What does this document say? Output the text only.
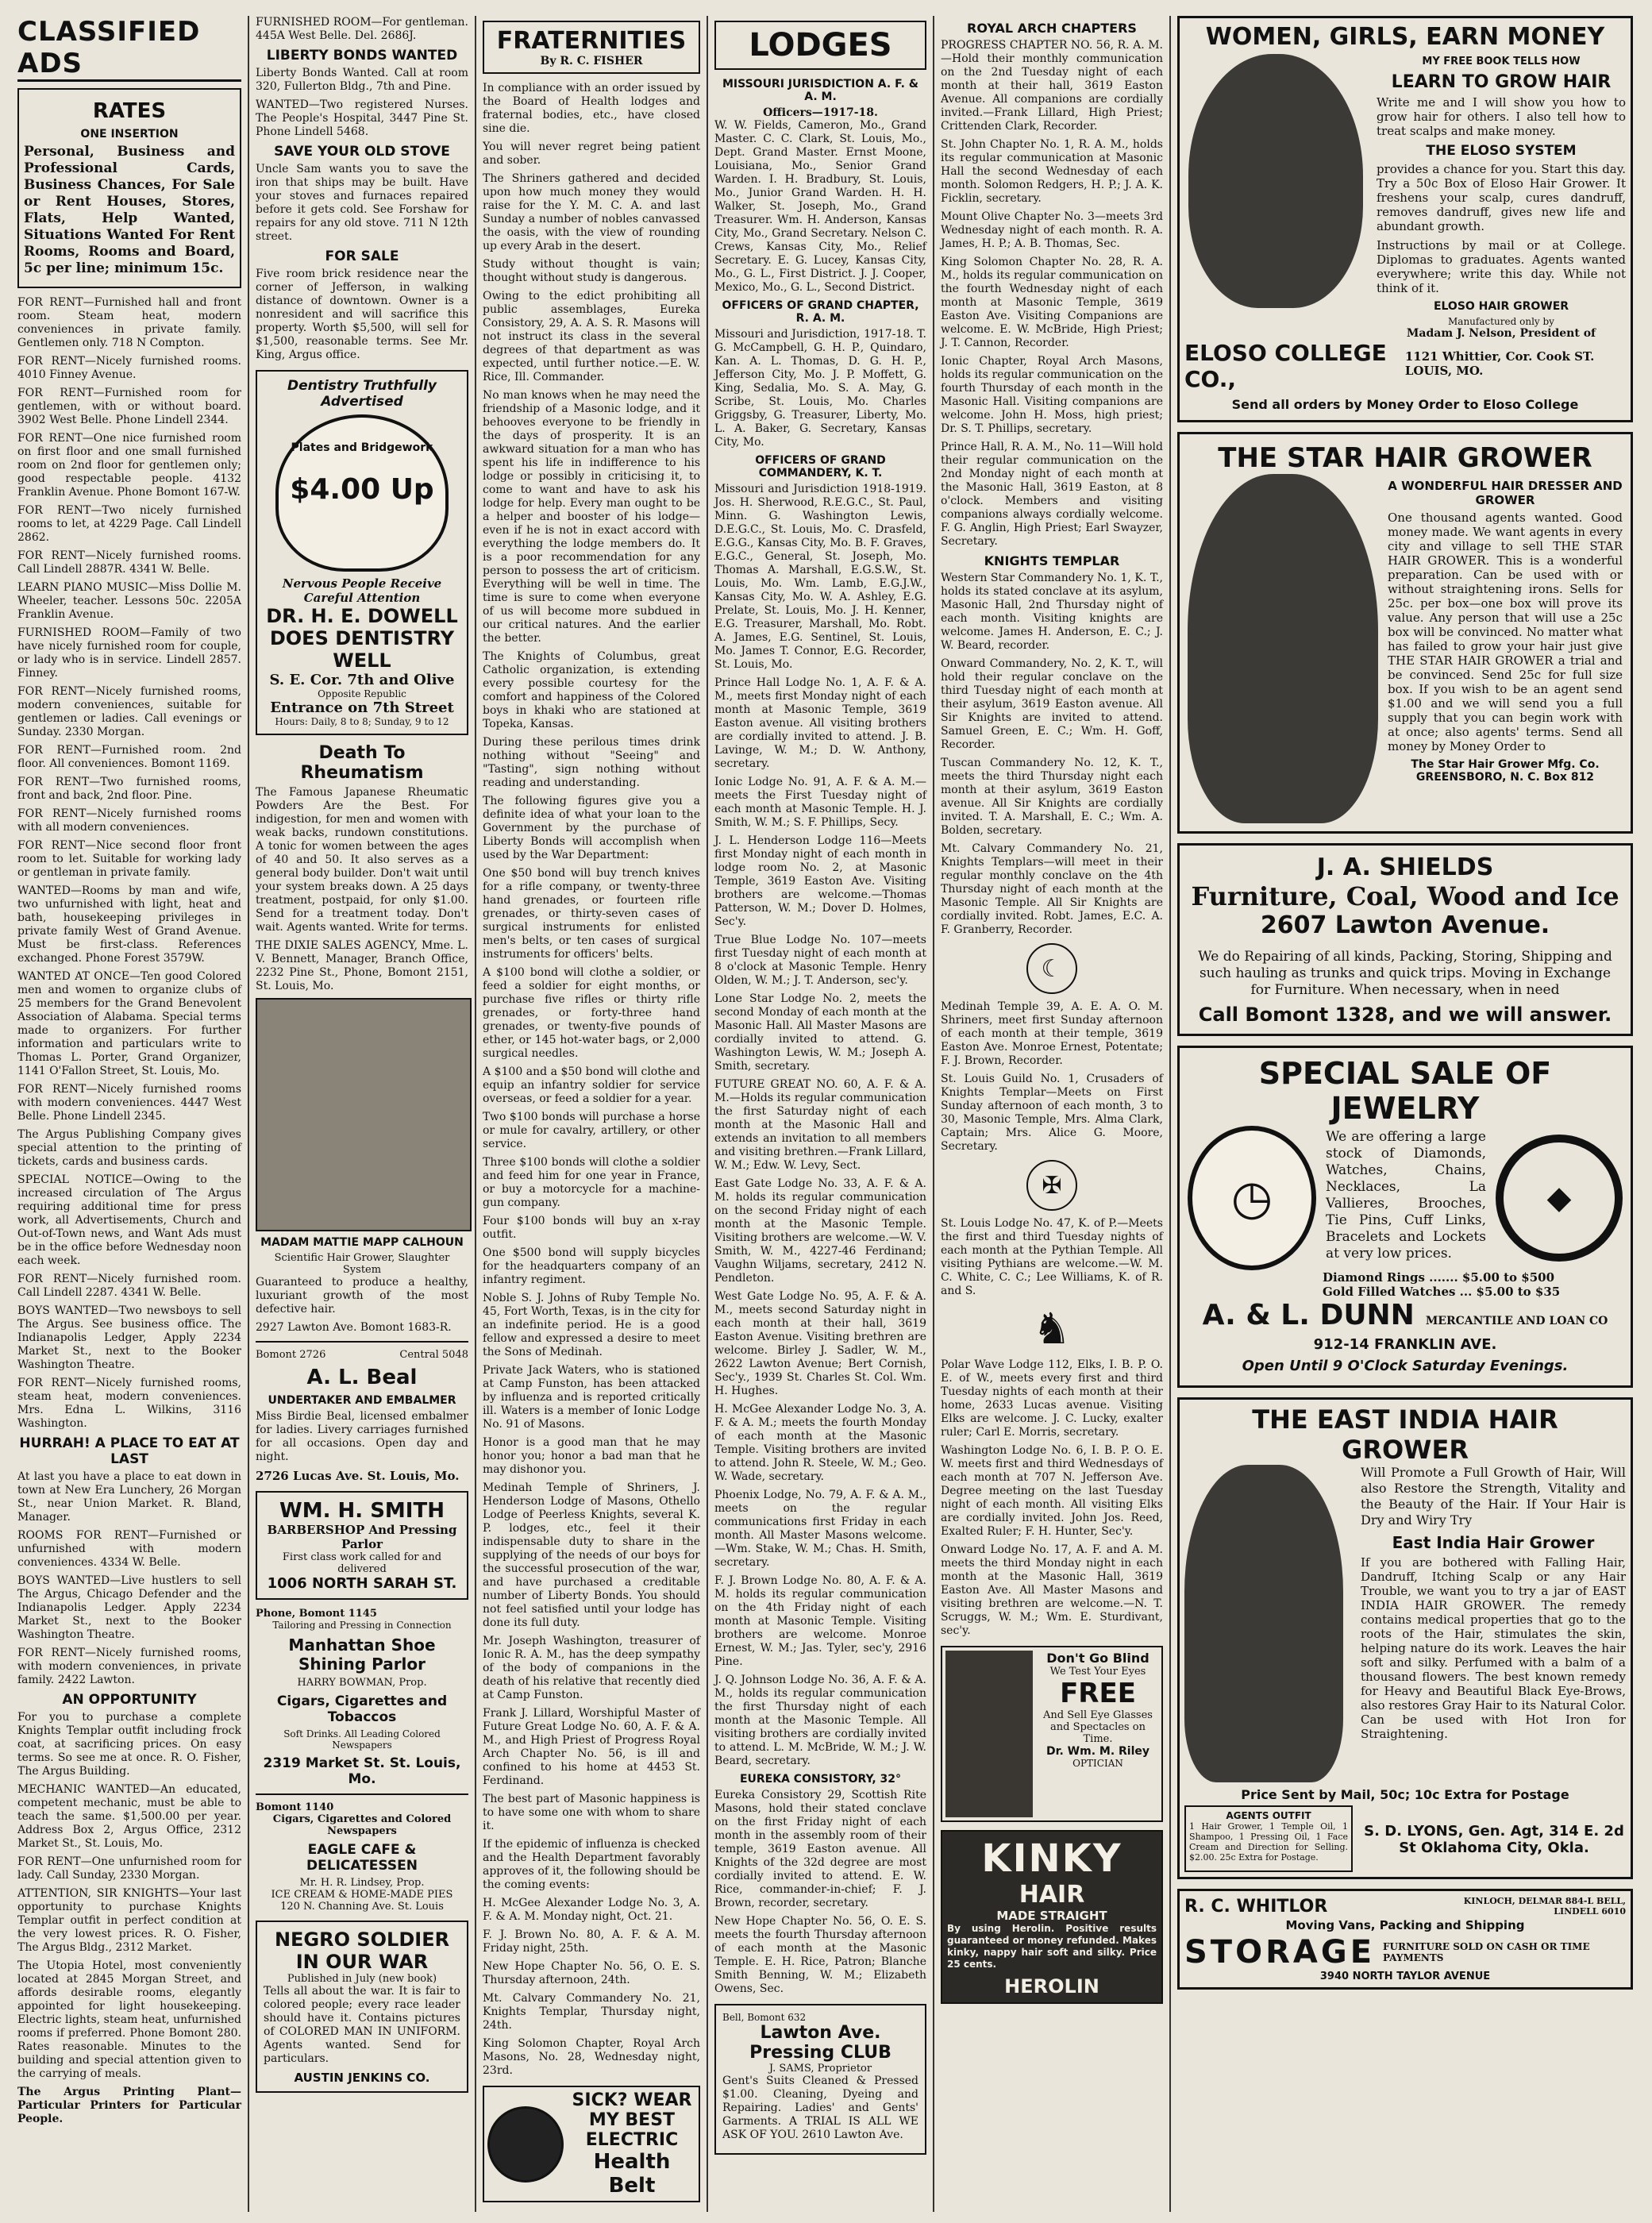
CLASSIFIED ADS
RATES
ONE INSERTION

Personal, Business and Professional Cards, Business Chances, For Sale or Rent Houses, Stores, Flats, Help Wanted, Situations Wanted For Rent Rooms, Rooms and Board, 5c per line; minimum 15c.

FOR RENT—Furnished hall and front room. Steam heat, modern conveniences in private family. Gentlemen only. 718 N Compton.

FOR RENT—Nicely furnished rooms. 4010 Finney Avenue.

FOR RENT—Furnished room for gentlemen, with or without board. 3902 West Belle. Phone Lindell 2344.

FOR RENT—One nice furnished room on first floor and one small furnished room on 2nd floor for gentlemen only; good respectable people. 4132 Franklin Avenue. Phone Bomont 167-W.

FOR RENT—Two nicely furnished rooms to let, at 4229 Page. Call Lindell 2862.

FOR RENT—Nicely furnished rooms. Call Lindell 2887R. 4341 W. Belle.

LEARN PIANO MUSIC—Miss Dollie M. Wheeler, teacher. Lessons 50c. 2205A Franklin Avenue.

FURNISHED ROOM—Family of two have nicely furnished room for couple, or lady who is in service. Lindell 2857. Finney.

FOR RENT—Nicely furnished rooms, modern conveniences, suitable for gentlemen or ladies. Call evenings or Sunday. 2330 Morgan.

FOR RENT—Furnished room. 2nd floor. All conveniences. Bomont 1169.

FOR RENT—Two furnished rooms, front and back, 2nd floor. Pine.

FOR RENT—Nicely furnished rooms with all modern conveniences.

FOR RENT—Nice second floor front room to let. Suitable for working lady or gentleman in private family.

WANTED—Rooms by man and wife, two unfurnished with light, heat and bath, housekeeping privileges in private family West of Grand Avenue. Must be first-class. References exchanged. Phone Forest 3579W.

WANTED AT ONCE—Ten good Colored men and women to organize clubs of 25 members for the Grand Benevolent Association of Alabama. Special terms made to organizers. For further information and particulars write to Thomas L. Porter, Grand Organizer, 1141 O'Fallon Street, St. Louis, Mo.

FOR RENT—Nicely furnished rooms with modern conveniences. 4447 West Belle. Phone Lindell 2345.

The Argus Publishing Company gives special attention to the printing of tickets, cards and business cards.

SPECIAL NOTICE—Owing to the increased circulation of The Argus requiring additional time for press work, all Advertisements, Church and Out-of-Town news, and Want Ads must be in the office before Wednesday noon each week.

FOR RENT—Nicely furnished room. Call Lindell 2287. 4341 W. Belle.

BOYS WANTED—Two newsboys to sell The Argus. See business office. The Indianapolis Ledger, Apply 2234 Market St., next to the Booker Washington Theatre.

FOR RENT—Nicely furnished rooms, steam heat, modern conveniences. Mrs. Edna L. Wilkins, 3116 Washington.

HURRAH! A PLACE TO EAT AT LAST

At last you have a place to eat down in town at New Era Lunchery, 26 Morgan St., near Union Market. R. Bland, Manager.

ROOMS FOR RENT—Furnished or unfurnished with modern conveniences. 4334 W. Belle.

BOYS WANTED—Live hustlers to sell The Argus, Chicago Defender and the Indianapolis Ledger. Apply 2234 Market St., next to the Booker Washington Theatre.

FOR RENT—Nicely furnished rooms, with modern conveniences, in private family. 2422 Lawton.

AN OPPORTUNITY

For you to purchase a complete Knights Templar outfit including frock coat, at sacrificing prices. On easy terms. So see me at once. R. O. Fisher, The Argus Building.

MECHANIC WANTED—An educated, competent mechanic, must be able to teach the same. $1,500.00 per year. Address Box 2, Argus Office, 2312 Market St., St. Louis, Mo.

FOR RENT—One unfurnished room for lady. Call Sunday, 2330 Morgan.

ATTENTION, SIR KNIGHTS—Your last opportunity to purchase Knights Templar outfit in perfect condition at the very lowest prices. R. O. Fisher, The Argus Bldg., 2312 Market.

The Utopia Hotel, most conveniently located at 2845 Morgan Street, and affords desirable rooms, elegantly appointed for light housekeeping. Electric lights, steam heat, unfurnished rooms if preferred. Phone Bomont 280. Rates reasonable. Minutes to the building and special attention given to the carrying of meals.

The Argus Printing Plant—Particular Printers for Particular People.

FURNISHED ROOM—For gentleman. 445A West Belle. Del. 2686J.

LIBERTY BONDS WANTED

Liberty Bonds Wanted. Call at room 320, Fullerton Bldg., 7th and Pine.

WANTED—Two registered Nurses. The People's Hospital, 3447 Pine St. Phone Lindell 5468.

SAVE YOUR OLD STOVE

Uncle Sam wants you to save the iron that ships may be built. Have your stoves and furnaces repaired before it gets cold. See Forshaw for repairs for any old stove. 711 N 12th street.

FOR SALE

Five room brick residence near the corner of Jefferson, in walking distance of downtown. Owner is a nonresident and will sacrifice this property. Worth $5,500, will sell for $1,500, reasonable terms. See Mr. King, Argus office.

Dentistry Truthfully Advertised
Plates and Bridgework
$4.00 Up
Nervous People Receive Careful Attention
DR. H. E. DOWELL DOES DENTISTRY WELL
S. E. Cor. 7th and Olive
Opposite Republic
Entrance on 7th Street
Hours: Daily, 8 to 8; Sunday, 9 to 12
Death To Rheumatism

The Famous Japanese Rheumatic Powders Are the Best. For indigestion, for men and women with weak backs, rundown constitutions. A tonic for women between the ages of 40 and 50. It also serves as a general body builder. Don't wait until your system breaks down. A 25 days treatment, postpaid, for only $1.00. Send for a treatment today. Don't wait. Agents wanted. Write for terms.

THE DIXIE SALES AGENCY, Mme. L. V. Bennett, Manager, Branch Office, 2232 Pine St., Phone, Bomont 2151, St. Louis, Mo.

MADAM MATTIE MAPP CALHOUN
Scientific Hair Grower, Slaughter System

Guaranteed to produce a healthy, luxuriant growth of the most defective hair.

2927 Lawton Ave. Bomont 1683-R.

Bomont 2726	Central 5048
A. L. Beal
UNDERTAKER AND EMBALMER

Miss Birdie Beal, licensed embalmer for ladies. Livery carriages furnished for all occasions. Open day and night.

2726 Lucas Ave. St. Louis, Mo.
WM. H. SMITH
BARBERSHOP And Pressing Parlor
First class work called for and delivered
1006 NORTH SARAH ST.
Phone, Bomont 1145
Tailoring and Pressing in Connection
Manhattan Shoe Shining Parlor
HARRY BOWMAN, Prop.
Cigars, Cigarettes and Tobaccos
Soft Drinks. All Leading Colored Newspapers
2319 Market St. St. Louis, Mo.
Bomont 1140
Cigars, Cigarettes and Colored Newspapers
EAGLE CAFE & DELICATESSEN
Mr. H. R. Lindsey, Prop.
ICE CREAM & HOME-MADE PIES
120 N. Channing Ave. St. Louis
NEGRO SOLDIER IN OUR WAR
Published in July (new book)

Tells all about the war. It is fair to colored people; every race leader should have it. Contains pictures of COLORED MAN IN UNIFORM. Agents wanted. Send for particulars.

AUSTIN JENKINS CO.
FRATERNITIES
By R. C. FISHER

In compliance with an order issued by the Board of Health lodges and fraternal bodies, etc., have closed sine die.

You will never regret being patient and sober.

The Shriners gathered and decided upon how much money they would raise for the Y. M. C. A. and last Sunday a number of nobles canvassed the oasis, with the view of rounding up every Arab in the desert.

Study without thought is vain; thought without study is dangerous.

Owing to the edict prohibiting all public assemblages, Eureka Consistory, 29, A. A. S. R. Masons will not instruct its class in the several degrees of that department as was expected, until further notice.—E. W. Rice, Ill. Commander.

No man knows when he may need the friendship of a Masonic lodge, and it behooves everyone to be friendly in the days of prosperity. It is an awkward situation for a man who has spent his life in indifference to his lodge or possibly in criticising it, to come to want and have to ask his lodge for help. Every man ought to be a helper and booster of his lodge—even if he is not in exact accord with everything the lodge members do. It is a poor recommendation for any person to possess the art of criticism. Everything will be well in time. The time is sure to come when everyone of us will become more subdued in our critical natures. And the earlier the better.

The Knights of Columbus, great Catholic organization, is extending every possible courtesy for the comfort and happiness of the Colored boys in khaki who are stationed at Topeka, Kansas.

During these perilous times drink nothing without "Seeing" and "Tasting", sign nothing without reading and understanding.

The following figures give you a definite idea of what your loan to the Government by the purchase of Liberty Bonds will accomplish when used by the War Department:

One $50 bond will buy trench knives for a rifle company, or twenty-three hand grenades, or fourteen rifle grenades, or thirty-seven cases of surgical instruments for enlisted men's belts, or ten cases of surgical instruments for officers' belts.

A $100 bond will clothe a soldier, or feed a soldier for eight months, or purchase five rifles or thirty rifle grenades, or forty-three hand grenades, or twenty-five pounds of ether, or 145 hot-water bags, or 2,000 surgical needles.

A $100 and a $50 bond will clothe and equip an infantry soldier for service overseas, or feed a soldier for a year.

Two $100 bonds will purchase a horse or mule for cavalry, artillery, or other service.

Three $100 bonds will clothe a soldier and feed him for one year in France, or buy a motorcycle for a machine-gun company.

Four $100 bonds will buy an x-ray outfit.

One $500 bond will supply bicycles for the headquarters company of an infantry regiment.

Noble S. J. Johns of Ruby Temple No. 45, Fort Worth, Texas, is in the city for an indefinite period. He is a good fellow and expressed a desire to meet the Sons of Medinah.

Private Jack Waters, who is stationed at Camp Funston, has been attacked by influenza and is reported critically ill. Waters is a member of Ionic Lodge No. 91 of Masons.

Honor is a good man that he may honor you; honor a bad man that he may dishonor you.

Medinah Temple of Shriners, J. Henderson Lodge of Masons, Othello Lodge of Peerless Knights, several K. P. lodges, etc., feel it their indispensable duty to share in the supplying of the needs of our boys for the successful prosecution of the war, and have purchased a creditable number of Liberty Bonds. You should not feel satisfied until your lodge has done its full duty.

Mr. Joseph Washington, treasurer of Ionic R. A. M., has the deep sympathy of the body of companions in the death of his relative that recently died at Camp Funston.

Frank J. Lillard, Worshipful Master of Future Great Lodge No. 60, A. F. & A. M., and High Priest of Progress Royal Arch Chapter No. 56, is ill and confined to his home at 4453 St. Ferdinand.

The best part of Masonic happiness is to have some one with whom to share it.

If the epidemic of influenza is checked and the Health Department favorably approves of it, the following should be the coming events:

H. McGee Alexander Lodge No. 3, A. F. & A. M. Monday night, Oct. 21.

F. J. Brown No. 80, A. F. & A. M. Friday night, 25th.

New Hope Chapter No. 56, O. E. S. Thursday afternoon, 24th.

Mt. Calvary Commandery No. 21, Knights Templar, Thursday night, 24th.

King Solomon Chapter, Royal Arch Masons, No. 28, Wednesday night, 23rd.

SICK? WEAR MY BEST ELECTRIC
Health Belt
LODGES
MISSOURI JURISDICTION A. F. & A. M.
Officers—1917-18.

W. W. Fields, Cameron, Mo., Grand Master. C. C. Clark, St. Louis, Mo., Dept. Grand Master. Ernst Moone, Louisiana, Mo., Senior Grand Warden. I. H. Bradbury, St. Louis, Mo., Junior Grand Warden. H. H. Walker, St. Joseph, Mo., Grand Treasurer. Wm. H. Anderson, Kansas City, Mo., Grand Secretary. Nelson C. Crews, Kansas City, Mo., Relief Secretary. E. G. Lucey, Kansas City, Mo., G. L., First District. J. J. Cooper, Mexico, Mo., G. L., Second District.

OFFICERS OF GRAND CHAPTER, R. A. M.

Missouri and Jurisdiction, 1917-18. T. G. McCampbell, G. H. P., Quindaro, Kan. A. L. Thomas, D. G. H. P., Jefferson City, Mo. J. P. Moffett, G. King, Sedalia, Mo. S. A. May, G. Scribe, St. Louis, Mo. Charles Griggsby, G. Treasurer, Liberty, Mo. L. A. Baker, G. Secretary, Kansas City, Mo.

OFFICERS OF GRAND COMMANDERY, K. T.

Missouri and Jurisdiction 1918-1919. Jos. H. Sherwood, R.E.G.C., St. Paul, Minn. G. Washington Lewis, D.E.G.C., St. Louis, Mo. C. Drasfeld, E.G.G., Kansas City, Mo. B. F. Graves, E.G.C., General, St. Joseph, Mo. Thomas A. Marshall, E.G.S.W., St. Louis, Mo. Wm. Lamb, E.G.J.W., Kansas City, Mo. W. A. Ashley, E.G. Prelate, St. Louis, Mo. J. H. Kenner, E.G. Treasurer, Marshall, Mo. Robt. A. James, E.G. Sentinel, St. Louis, Mo. James T. Connor, E.G. Recorder, St. Louis, Mo.

Prince Hall Lodge No. 1, A. F. & A. M., meets first Monday night of each month at Masonic Temple, 3619 Easton avenue. All visiting brothers are cordially invited to attend. J. B. Lavinge, W. M.; D. W. Anthony, secretary.

Ionic Lodge No. 91, A. F. & A. M.—meets the First Tuesday night of each month at Masonic Temple. H. J. Smith, W. M.; S. F. Phillips, Secy.

J. L. Henderson Lodge 116—Meets first Monday night of each month in lodge room No. 2, at Masonic Temple, 3619 Easton Ave. Visiting brothers are welcome.—Thomas Patterson, W. M.; Dover D. Holmes, Sec'y.

True Blue Lodge No. 107—meets first Tuesday night of each month at 8 o'clock at Masonic Temple. Henry Olden, W. M.; J. T. Anderson, sec'y.

Lone Star Lodge No. 2, meets the second Monday of each month at the Masonic Hall. All Master Masons are cordially invited to attend. G. Washington Lewis, W. M.; Joseph A. Smith, secretary.

FUTURE GREAT NO. 60, A. F. & A. M.—Holds its regular communication the first Saturday night of each month at the Masonic Hall and extends an invitation to all members and visiting brethren.—Frank Lillard, W. M.; Edw. W. Levy, Sect.

East Gate Lodge No. 33, A. F. & A. M. holds its regular communication on the second Friday night of each month at the Masonic Temple. Visiting brothers are welcome.—W. V. Smith, W. M., 4227-46 Ferdinand; Vaughn Wiljams, secretary, 2412 N. Pendleton.

West Gate Lodge No. 95, A. F. & A. M., meets second Saturday night in each month at their hall, 3619 Easton Avenue. Visiting brethren are welcome. Birley J. Sadler, W. M., 2622 Lawton Avenue; Bert Cornish, Sec'y., 1939 St. Charles St. Col. Wm. H. Hughes.

H. McGee Alexander Lodge No. 3, A. F. & A. M.; meets the fourth Monday of each month at the Masonic Temple. Visiting brothers are invited to attend. John R. Steele, W. M.; Geo. W. Wade, secretary.

Phoenix Lodge, No. 79, A. F. & A. M., meets on the regular communications first Friday in each month. All Master Masons welcome.—Wm. Stake, W. M.; Chas. H. Smith, secretary.

F. J. Brown Lodge No. 80, A. F. & A. M. holds its regular communication on the 4th Friday night of each month at Masonic Temple. Visiting brothers are welcome. Monroe Ernest, W. M.; Jas. Tyler, sec'y, 2916 Pine.

J. Q. Johnson Lodge No. 36, A. F. & A. M., holds its regular communication the first Thursday night of each month at the Masonic Temple. All visiting brothers are cordially invited to attend. L. M. McBride, W. M.; J. W. Beard, secretary.

EUREKA CONSISTORY, 32°

Eureka Consistory 29, Scottish Rite Masons, hold their stated conclave on the first Friday night of each month in the assembly room of their temple, 3619 Easton avenue. All Knights of the 32d degree are most cordially invited to attend. E. W. Rice, commander-in-chief; F. J. Brown, recorder, secretary.

New Hope Chapter No. 56, O. E. S. meets the fourth Thursday afternoon of each month at the Masonic Temple. E. H. Rice, Patron; Blanche Smith Benning, W. M.; Elizabeth Owens, Sec.

Bell, Bomont 632
Lawton Ave. Pressing CLUB
J. SAMS, Proprietor

Gent's Suits Cleaned & Pressed $1.00. Cleaning, Dyeing and Repairing. Ladies' and Gents' Garments. A TRIAL IS ALL WE ASK OF YOU. 2610 Lawton Ave.

ROYAL ARCH CHAPTERS

PROGRESS CHAPTER NO. 56, R. A. M.—Hold their monthly communication on the 2nd Tuesday night of each month at their hall, 3619 Easton Avenue. All companions are cordially invited.—Frank Lillard, High Priest; Crittenden Clark, Recorder.

St. John Chapter No. 1, R. A. M., holds its regular communication at Masonic Hall the second Wednesday of each month. Solomon Redgers, H. P.; J. A. K. Ficklin, secretary.

Mount Olive Chapter No. 3—meets 3rd Wednesday night of each month. R. A. James, H. P.; A. B. Thomas, Sec.

King Solomon Chapter No. 28, R. A. M., holds its regular communication on the fourth Wednesday night of each month at Masonic Temple, 3619 Easton Ave. Visiting Companions are welcome. E. W. McBride, High Priest; J. T. Cannon, Recorder.

Ionic Chapter, Royal Arch Masons, holds its regular communication on the fourth Thursday of each month in the Masonic Hall. Visiting companions are welcome. John H. Moss, high priest; Dr. S. T. Phillips, secretary.

Prince Hall, R. A. M., No. 11—Will hold their regular communication on the 2nd Monday night of each month at the Masonic Hall, 3619 Easton, at 8 o'clock. Members and visiting companions always cordially welcome. F. G. Anglin, High Priest; Earl Swayzer, Secretary.

KNIGHTS TEMPLAR

Western Star Commandery No. 1, K. T., holds its stated conclave at its asylum, Masonic Hall, 2nd Thursday night of each month. Visiting knights are welcome. James H. Anderson, E. C.; J. W. Beard, recorder.

Onward Commandery, No. 2, K. T., will hold their regular conclave on the third Tuesday night of each month at their asylum, 3619 Easton avenue. All Sir Knights are invited to attend. Samuel Green, E. C.; Wm. H. Goff, Recorder.

Tuscan Commandery No. 12, K. T., meets the third Thursday night each month at their asylum, 3619 Easton avenue. All Sir Knights are cordially invited. T. A. Marshall, E. C.; Wm. A. Bolden, secretary.

Mt. Calvary Commandery No. 21, Knights Templars—will meet in their regular monthly conclave on the 4th Thursday night of each month at the Masonic Temple. All Sir Knights are cordially invited. Robt. James, E.C. A. F. Granberry, Recorder.

☾

Medinah Temple 39, A. E. A. O. M. Shriners, meet first Sunday afternoon of each month at their temple, 3619 Easton Ave. Monroe Ernest, Potentate; F. J. Brown, Recorder.

St. Louis Guild No. 1, Crusaders of Knights Templar—Meets on First Sunday afternoon of each month, 3 to 30, Masonic Temple, Mrs. Alma Clark, Captain; Mrs. Alice G. Moore, Secretary.

✠

St. Louis Lodge No. 47, K. of P.—Meets the first and third Tuesday nights of each month at the Pythian Temple. All visiting Pythians are welcome.—W. M. C. White, C. C.; Lee Williams, K. of R. and S.

♞

Polar Wave Lodge 112, Elks, I. B. P. O. E. of W., meets every first and third Tuesday nights of each month at their home, 2633 Lucas avenue. Visiting Elks are welcome. J. C. Lucky, exalter ruler; Carl E. Morris, secretary.

Washington Lodge No. 6, I. B. P. O. E. W. meets first and third Wednesdays of each month at 707 N. Jefferson Ave. Degree meeting on the last Tuesday night of each month. All visiting Elks are cordially invited. John Jos. Reed, Exalted Ruler; F. H. Hunter, Sec'y.

Onward Lodge No. 17, A. F. and A. M. meets the third Monday night in each month at the Masonic Hall, 3619 Easton Ave. All Master Masons and visiting brethren are welcome.—N. T. Scruggs, W. M.; Wm. E. Sturdivant, sec'y.

Don't Go Blind
We Test Your Eyes
FREE
And Sell Eye Glasses and Spectacles on Time.
Dr. Wm. M. Riley
OPTICIAN
KINKY
HAIR
MADE STRAIGHT

By using Herolin. Positive results guaranteed or money refunded. Makes kinky, nappy hair soft and silky. Price 25 cents.

HEROLIN
WOMEN, GIRLS, EARN MONEY
MY FREE BOOK TELLS HOW
LEARN TO GROW HAIR

Write me and I will show you how to grow hair for others. I also tell how to treat scalps and make money.

THE ELOSO SYSTEM

provides a chance for you. Start this day. Try a 50c Box of Eloso Hair Grower. It freshens your scalp, cures dandruff, removes dandruff, gives new life and abundant growth.

Instructions by mail or at College. Diplomas to graduates. Agents wanted everywhere; write this day. While not think of it.

ELOSO HAIR GROWER
Manufactured only by
Madam J. Nelson, President of
ELOSO COLLEGE CO.,
1121 Whittier, Cor. Cook ST. LOUIS, MO.
Send all orders by Money Order to Eloso College
THE STAR HAIR GROWER
A WONDERFUL HAIR DRESSER AND GROWER

One thousand agents wanted. Good money made. We want agents in every city and village to sell THE STAR HAIR GROWER. This is a wonderful preparation. Can be used with or without straightening irons. Sells for 25c. per box—one box will prove its value. Any person that will use a 25c box will be convinced. No matter what has failed to grow your hair just give THE STAR HAIR GROWER a trial and be convinced. Send 25c for full size box. If you wish to be an agent send $1.00 and we will send you a full supply that you can begin work with at once; also agents' terms. Send all money by Money Order to

The Star Hair Grower Mfg. Co. GREENSBORO, N. C. Box 812
J. A. SHIELDS
Furniture, Coal, Wood and Ice
2607 Lawton Avenue.

We do Repairing of all kinds, Packing, Storing, Shipping and such hauling as trunks and quick trips. Moving in Exchange for Furniture. When necessary, when in need

Call Bomont 1328, and we will answer.
SPECIAL SALE OF JEWELRY
◷

We are offering a large stock of Diamonds, Watches, Chains, Necklaces, La Vallieres, Brooches, Tie Pins, Cuff Links, Bracelets and Lockets at very low prices.

◆
Diamond Rings ....... $5.00 to $500
Gold Filled Watches ... $5.00 to $35
A. & L. DUNN MERCANTILE AND LOAN CO
912-14 FRANKLIN AVE.
Open Until 9 O'Clock Saturday Evenings.
THE EAST INDIA HAIR GROWER

Will Promote a Full Growth of Hair, Will also Restore the Strength, Vitality and the Beauty of the Hair. If Your Hair is Dry and Wiry Try

East India Hair Grower

If you are bothered with Falling Hair, Dandruff, Itching Scalp or any Hair Trouble, we want you to try a jar of EAST INDIA HAIR GROWER. The remedy contains medical properties that go to the roots of the Hair, stimulates the skin, helping nature do its work. Leaves the hair soft and silky. Perfumed with a balm of a thousand flowers. The best known remedy for Heavy and Beautiful Black Eye-Brows, also restores Gray Hair to its Natural Color. Can be used with Hot Iron for Straightening.

Price Sent by Mail, 50c; 10c Extra for Postage
AGENTS OUTFIT

1 Hair Grower, 1 Temple Oil, 1 Shampoo, 1 Pressing Oil, 1 Face Cream and Direction for Selling. $2.00. 25c Extra for Postage.

S. D. LYONS, Gen. Agt, 314 E. 2d St Oklahoma City, Okla.
R. C. WHITLOR	KINLOCH, DELMAR 884-L BELL, LINDELL 6010
Moving Vans, Packing and Shipping
STORAGE FURNITURE SOLD ON CASH OR TIME PAYMENTS
3940 NORTH TAYLOR AVENUE
